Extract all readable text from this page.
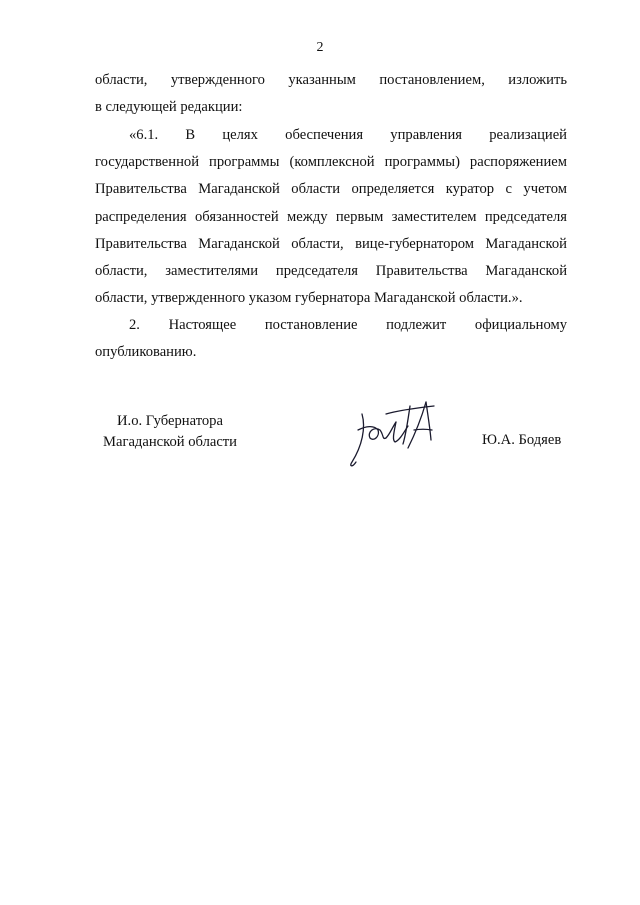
2
области, утвержденного указанным постановлением, изложить
в следующей редакции:
«6.1. В целях обеспечения управления реализацией
государственной программы (комплексной программы) распоряжением
Правительства Магаданской области определяется куратор с учетом
распределения обязанностей между первым заместителем председателя
Правительства Магаданской области, вице-губернатором Магаданской
области, заместителями председателя Правительства Магаданской
области, утвержденного указом губернатора Магаданской области.».
2. Настоящее постановление подлежит официальному
опубликованию.
И.о. Губернатора
Магаданской области	Ю.А. Бодяев
